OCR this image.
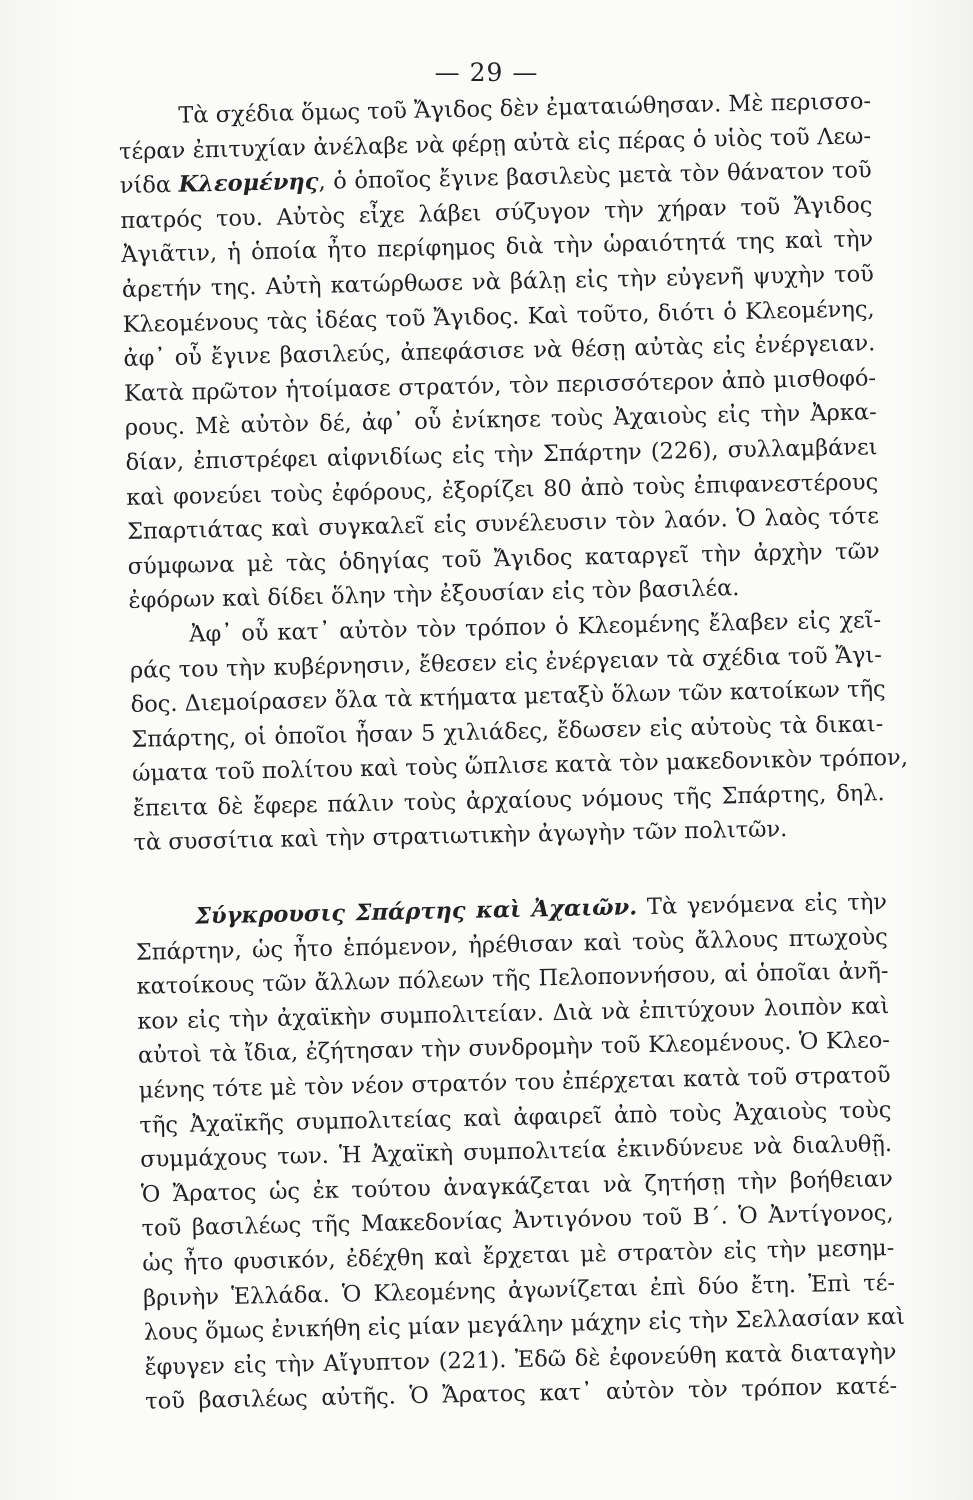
— 29 —
Τὰ σχέδια ὅμως τοῦ Ἄγιδος δὲν ἐματαιώθησαν. Μὲ περισσο-
τέραν ἐπιτυχίαν ἀνέλαβε νὰ φέρῃ αὐτὰ εἰς πέρας ὁ υἱὸς τοῦ Λεω-
νίδα Κλεομένης, ὁ ὁποῖος ἔγινε βασιλεὺς μετὰ τὸν θάνατον τοῦ
πατρός του. Αὐτὸς εἶχε λάβει σύζυγον τὴν χήραν τοῦ Ἄγιδος
Ἀγιᾶτιν, ἡ ὁποία ἦτο περίφημος διὰ τὴν ὡραιότητά της καὶ τὴν
ἀρετήν της. Αὐτὴ κατώρθωσε νὰ βάλῃ εἰς τὴν εὐγενῆ ψυχὴν τοῦ
Κλεομένους τὰς ἰδέας τοῦ Ἄγιδος. Καὶ τοῦτο, διότι ὁ Κλεομένης,
ἀφ᾽ οὗ ἔγινε βασιλεύς, ἀπεφάσισε νὰ θέσῃ αὐτὰς εἰς ἐνέργειαν.
Κατὰ πρῶτον ἡτοίμασε στρατόν, τὸν περισσότερον ἀπὸ μισθοφό-
ρους. Μὲ αὐτὸν δέ, ἀφ᾽ οὗ ἐνίκησε τοὺς Ἀχαιοὺς εἰς τὴν Ἀρκα-
δίαν, ἐπιστρέφει αἰφνιδίως εἰς τὴν Σπάρτην (226), συλλαμβάνει
καὶ φονεύει τοὺς ἐφόρους, ἐξορίζει 80 ἀπὸ τοὺς ἐπιφανεστέρους
Σπαρτιάτας καὶ συγκαλεῖ εἰς συνέλευσιν τὸν λαόν. Ὁ λαὸς τότε
σύμφωνα μὲ τὰς ὁδηγίας τοῦ Ἄγιδος καταργεῖ τὴν ἀρχὴν τῶν
ἐφόρων καὶ δίδει ὅλην τὴν ἐξουσίαν εἰς τὸν βασιλέα.
Ἀφ᾽ οὗ κατ᾽ αὐτὸν τὸν τρόπον ὁ Κλεομένης ἔλαβεν εἰς χεῖ-
ράς του τὴν κυβέρνησιν, ἔθεσεν εἰς ἐνέργειαν τὰ σχέδια τοῦ Ἄγι-
δος. Διεμοίρασεν ὅλα τὰ κτήματα μεταξὺ ὅλων τῶν κατοίκων τῆς
Σπάρτης, οἱ ὁποῖοι ἦσαν 5 χιλιάδες, ἔδωσεν εἰς αὐτοὺς τὰ δικαι-
ώματα τοῦ πολίτου καὶ τοὺς ὥπλισε κατὰ τὸν μακεδονικὸν τρόπον,
ἔπειτα δὲ ἔφερε πάλιν τοὺς ἀρχαίους νόμους τῆς Σπάρτης, δηλ.
τὰ συσσίτια καὶ τὴν στρατιωτικὴν ἀγωγὴν τῶν πολιτῶν.
Σύγκρουσις Σπάρτης καὶ Ἀχαιῶν. Τὰ γενόμενα εἰς τὴν
Σπάρτην, ὡς ἦτο ἑπόμενον, ἠρέθισαν καὶ τοὺς ἄλλους πτωχοὺς
κατοίκους τῶν ἄλλων πόλεων τῆς Πελοποννήσου, αἱ ὁποῖαι ἀνῆ-
κον εἰς τὴν ἀχαϊκὴν συμπολιτείαν. Διὰ νὰ ἐπιτύχουν λοιπὸν καὶ
αὐτοὶ τὰ ἴδια, ἐζήτησαν τὴν συνδρομὴν τοῦ Κλεομένους. Ὁ Κλεο-
μένης τότε μὲ τὸν νέον στρατόν του ἐπέρχεται κατὰ τοῦ στρατοῦ
τῆς Ἀχαϊκῆς συμπολιτείας καὶ ἀφαιρεῖ ἀπὸ τοὺς Ἀχαιοὺς τοὺς
συμμάχους των. Ἡ Ἀχαϊκὴ συμπολιτεία ἐκινδύνευε νὰ διαλυθῇ.
Ὁ Ἄρατος ὡς ἐκ τούτου ἀναγκάζεται νὰ ζητήσῃ τὴν βοήθειαν
τοῦ βασιλέως τῆς Μακεδονίας Ἀντιγόνου τοῦ Β΄. Ὁ Ἀντίγονος,
ὡς ἦτο φυσικόν, ἐδέχθη καὶ ἔρχεται μὲ στρατὸν εἰς τὴν μεσημ-
βρινὴν Ἑλλάδα. Ὁ Κλεομένης ἀγωνίζεται ἐπὶ δύο ἔτη. Ἐπὶ τέ-
λους ὅμως ἐνικήθη εἰς μίαν μεγάλην μάχην εἰς τὴν Σελλασίαν καὶ
ἔφυγεν εἰς τὴν Αἴγυπτον (221). Ἐδῶ δὲ ἐφονεύθη κατὰ διαταγὴν
τοῦ βασιλέως αὐτῆς. Ὁ Ἄρατος κατ᾽ αὐτὸν τὸν τρόπον κατέ-
